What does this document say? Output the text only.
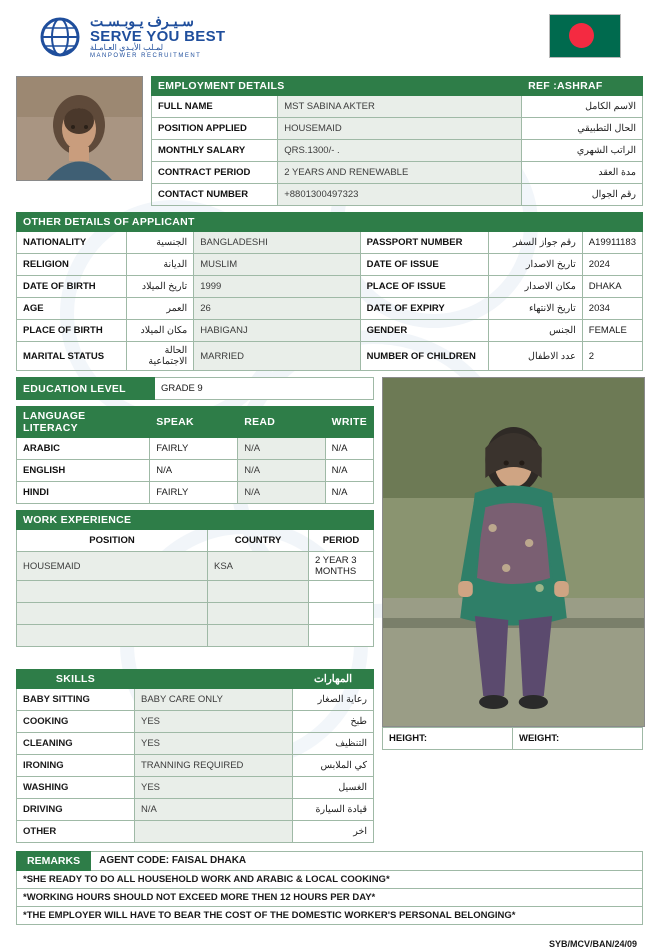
سـيـرف يـوبـسـت
SERVE YOU BEST
لمـلب الأيـدي العـامـلة
MANPOWER RECRUITMENT
EMPLOYMENT DETAILS		REF :ASHRAF
FULL NAME	MST SABINA AKTER	الاسم الكامل
POSITION APPLIED	HOUSEMAID	الحال التطبيقي
MONTHLY SALARY	QRS.1300/- .	الراتب الشهري
CONTRACT PERIOD	2 YEARS AND RENEWABLE	مدة العقد
CONTACT NUMBER	+8801300497323	رقم الجوال
OTHER DETAILS OF APPLICANT					
NATIONALITY	الجنسية	BANGLADESHI	PASSPORT NUMBER	رقم جواز السفر	A19911183
RELIGION	الديانة	MUSLIM	DATE OF ISSUE	تاريخ الاصدار	2024
DATE OF BIRTH	تاريخ الميلاد	1999	PLACE OF ISSUE	مكان الاصدار	DHAKA
AGE	العمر	26	DATE OF EXPIRY	تاريخ الانتهاء	2034
PLACE OF BIRTH	مكان الميلاد	HABIGANJ	GENDER	الجنس	FEMALE
MARITAL STATUS	الحالة الاجتماعية	MARRIED	NUMBER OF CHILDREN	عدد الاطفال	2
EDUCATION LEVEL	GRADE 9
LANGUAGE LITERACY	SPEAK	READ	WRITE
ARABIC	FAIRLY	N/A	N/A
ENGLISH	N/A	N/A	N/A
HINDI	FAIRLY	N/A	N/A
WORK EXPERIENCE		
POSITION	COUNTRY	PERIOD
HOUSEMAID	KSA	2 YEAR 3 MONTHS

SKILLS		المهارات
BABY SITTING	BABY CARE ONLY	رعاية الصغار
COOKING	YES	طبخ
CLEANING	YES	التنظيف
IRONING	TRANNING REQUIRED	كي الملابس
WASHING	YES	الغسيل
DRIVING	N/A	قيادة السيارة
OTHER		اخر
HEIGHT:	WEIGHT:
REMARKS	AGENT CODE: FAISAL DHAKA
*SHE READY TO DO ALL HOUSEHOLD WORK AND ARABIC & LOCAL COOKING*
*WORKING HOURS SHOULD NOT EXCEED MORE THEN 12 HOURS PER DAY*
*THE EMPLOYER WILL HAVE TO BEAR THE COST OF THE DOMESTIC WORKER'S PERSONAL BELONGING*
SYB/MCV/BAN/24/09
